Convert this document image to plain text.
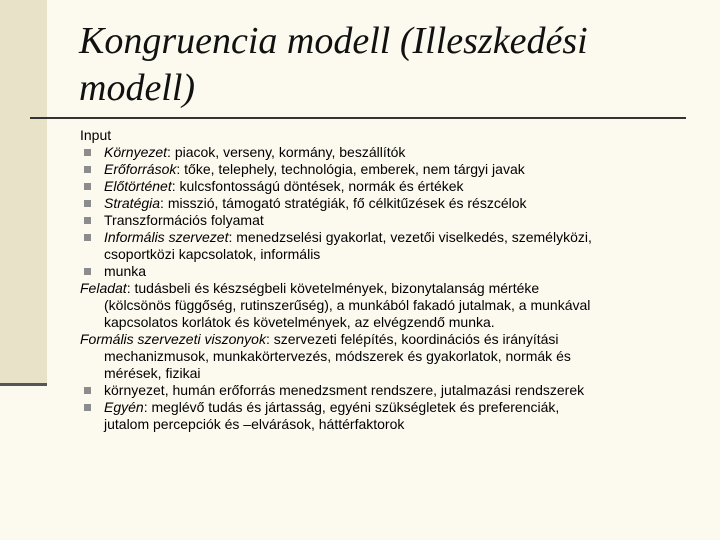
Kongruencia modell (Illeszkedési modell)
Input
Környezet: piacok, verseny, kormány, beszállítók
Erőforrások: tőke, telephely, technológia, emberek, nem tárgyi javak
Előtörténet: kulcsfontosságú döntések, normák és értékek
Stratégia: misszió, támogató stratégiák, fő célkitűzések és részcélok
Transzformációs folyamat
Informális szervezet: menedzselési gyakorlat, vezetői viselkedés, személyközi,
csoportközi kapcsolatok, informális
munka
Feladat: tudásbeli és készségbeli követelmények, bizonytalanság mértéke
(kölcsönös függőség, rutinszerűség), a munkából fakadó jutalmak, a munkával
kapcsolatos korlátok és követelmények, az elvégzendő munka.
Formális szervezeti viszonyok: szervezeti felépítés, koordinációs és irányítási
mechanizmusok, munkakörtervezés, módszerek és gyakorlatok, normák és
mérések, fizikai
környezet, humán erőforrás menedzsment rendszere, jutalmazási rendszerek
Egyén: meglévő tudás és jártasság, egyéni szükségletek és preferenciák,
jutalom percepciók és –elvárások, háttérfaktorok
